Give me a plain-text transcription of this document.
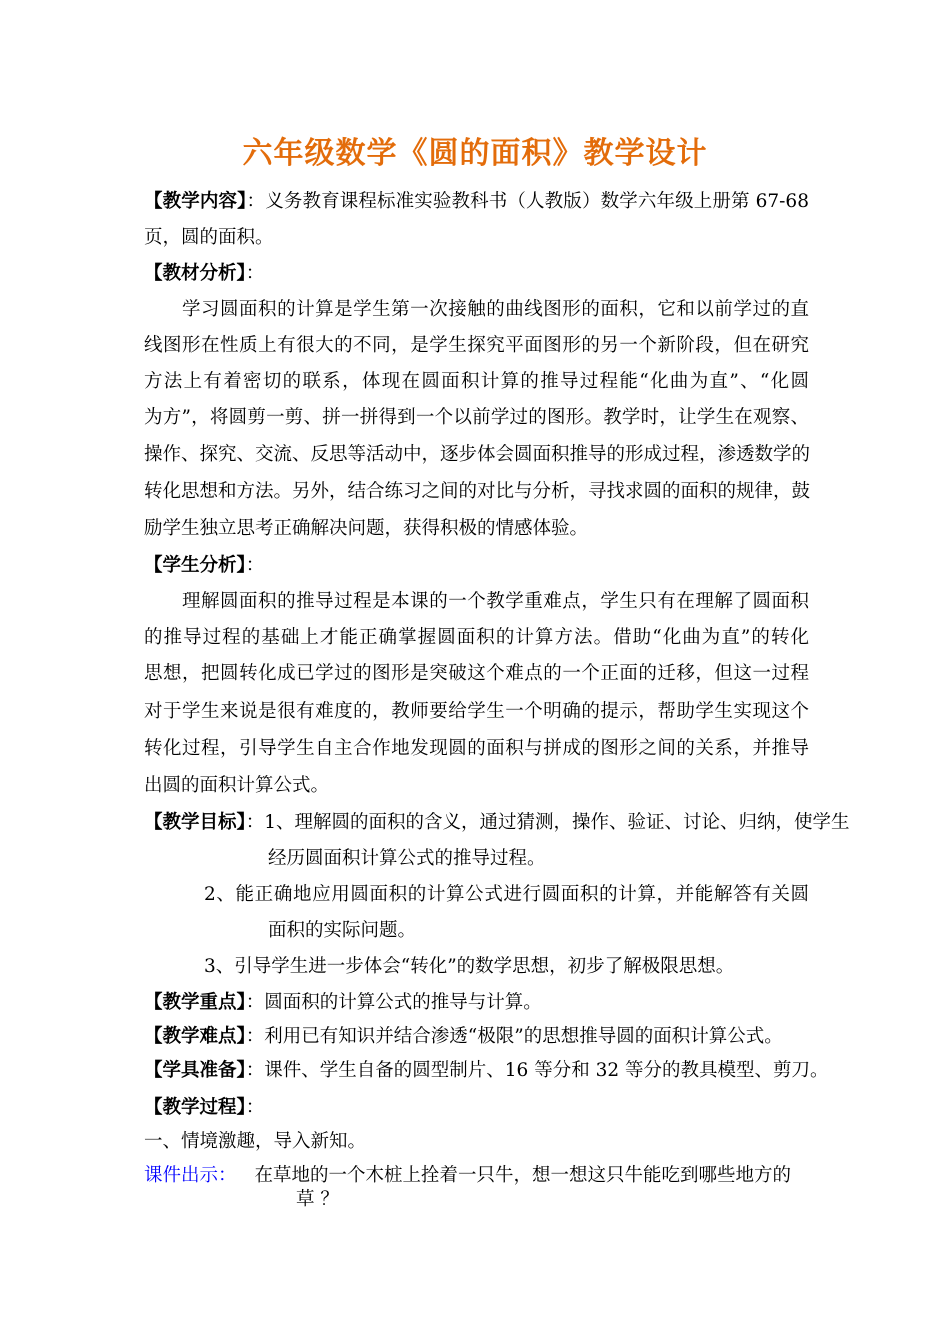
六年级数学《圆的面积》教学设计
【教学内容】：义务教育课程标准实验教科书（人教版）数学六年级上册第 67-68
页，圆的面积。
【教材分析】：
学习圆面积的计算是学生第一次接触的曲线图形的面积，它和以前学过的直
线图形在性质上有很大的不同，是学生探究平面图形的另一个新阶段，但在研究
方法上有着密切的联系，体现在圆面积计算的推导过程能“化曲为直”、“化圆
为方”，将圆剪一剪、拼一拼得到一个以前学过的图形。教学时，让学生在观察、
操作、探究、交流、反思等活动中，逐步体会圆面积推导的形成过程，渗透数学的
转化思想和方法。另外，结合练习之间的对比与分析，寻找求圆的面积的规律，鼓
励学生独立思考正确解决问题，获得积极的情感体验。
【学生分析】：
理解圆面积的推导过程是本课的一个教学重难点，学生只有在理解了圆面积
的推导过程的基础上才能正确掌握圆面积的计算方法。借助“化曲为直”的转化
思想，把圆转化成已学过的图形是突破这个难点的一个正面的迁移，但这一过程
对于学生来说是很有难度的，教师要给学生一个明确的提示，帮助学生实现这个
转化过程，引导学生自主合作地发现圆的面积与拼成的图形之间的关系，并推导
出圆的面积计算公式。
【教学目标】：1、理解圆的面积的含义，通过猜测，操作、验证、讨论、归纳，使学生
经历圆面积计算公式的推导过程。
2、能正确地应用圆面积的计算公式进行圆面积的计算，并能解答有关圆
面积的实际问题。
3、引导学生进一步体会“转化”的数学思想，初步了解极限思想。
【教学重点】：圆面积的计算公式的推导与计算。
【教学难点】：利用已有知识并结合渗透“极限”的思想推导圆的面积计算公式。
【学具准备】：课件、学生自备的圆型制片、16 等分和 32 等分的教具模型、剪刀。
【教学过程】：
一、情境激趣，导入新知。
课件出示： 在草地的一个木桩上拴着一只牛，想一想这只牛能吃到哪些地方的
草 ？
